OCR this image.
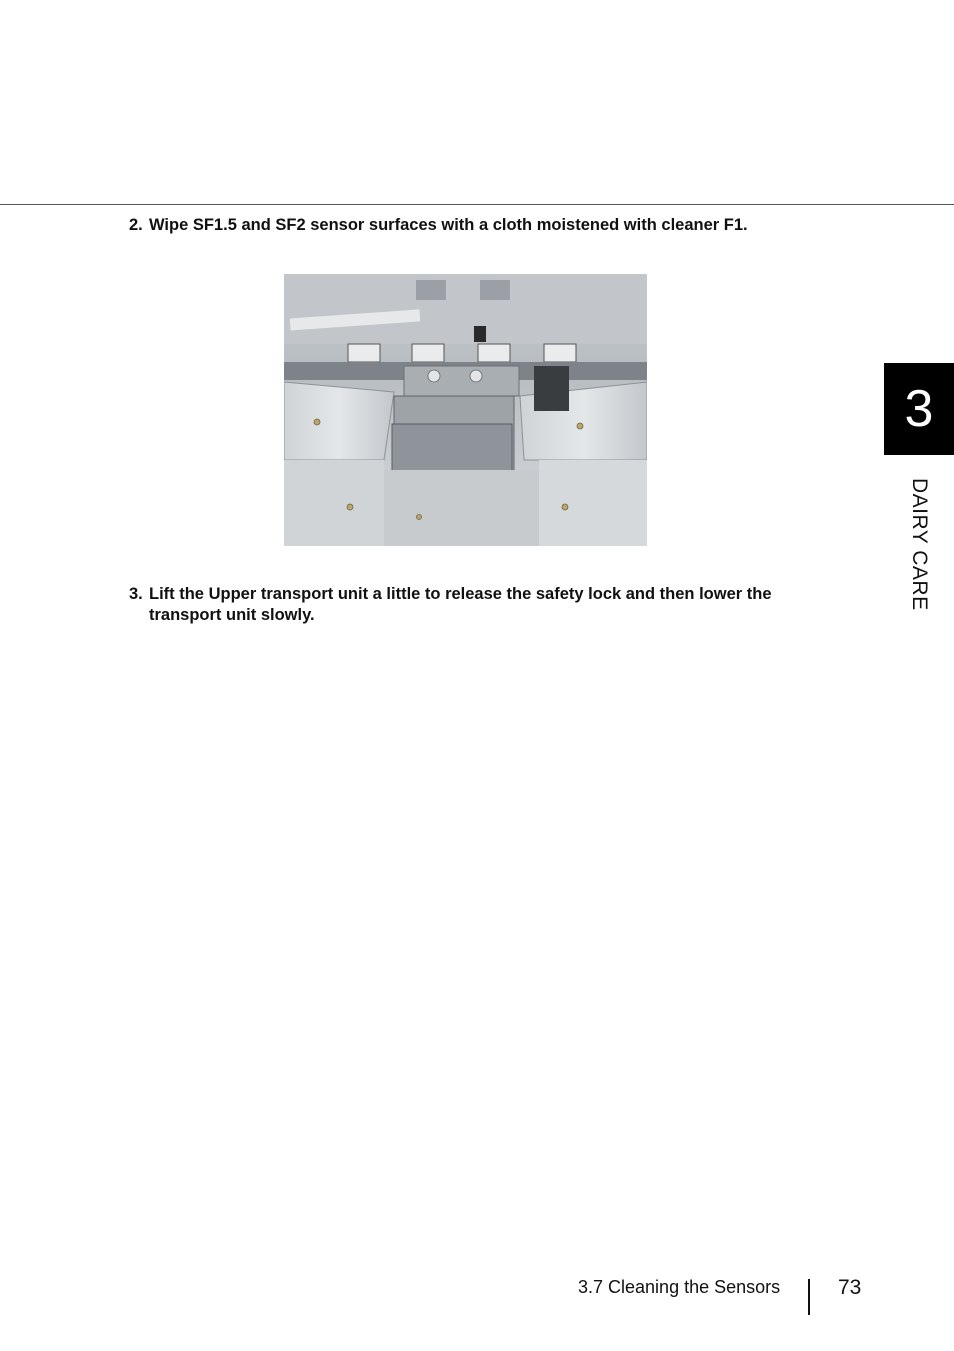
2. Wipe SF1.5 and SF2 sensor surfaces with a cloth moistened with cleaner F1.
3. Lift the Upper transport unit a little to release the safety lock and then lower the
transport unit slowly.
3
DAIRY CARE
3.7 Cleaning the Sensors	73
